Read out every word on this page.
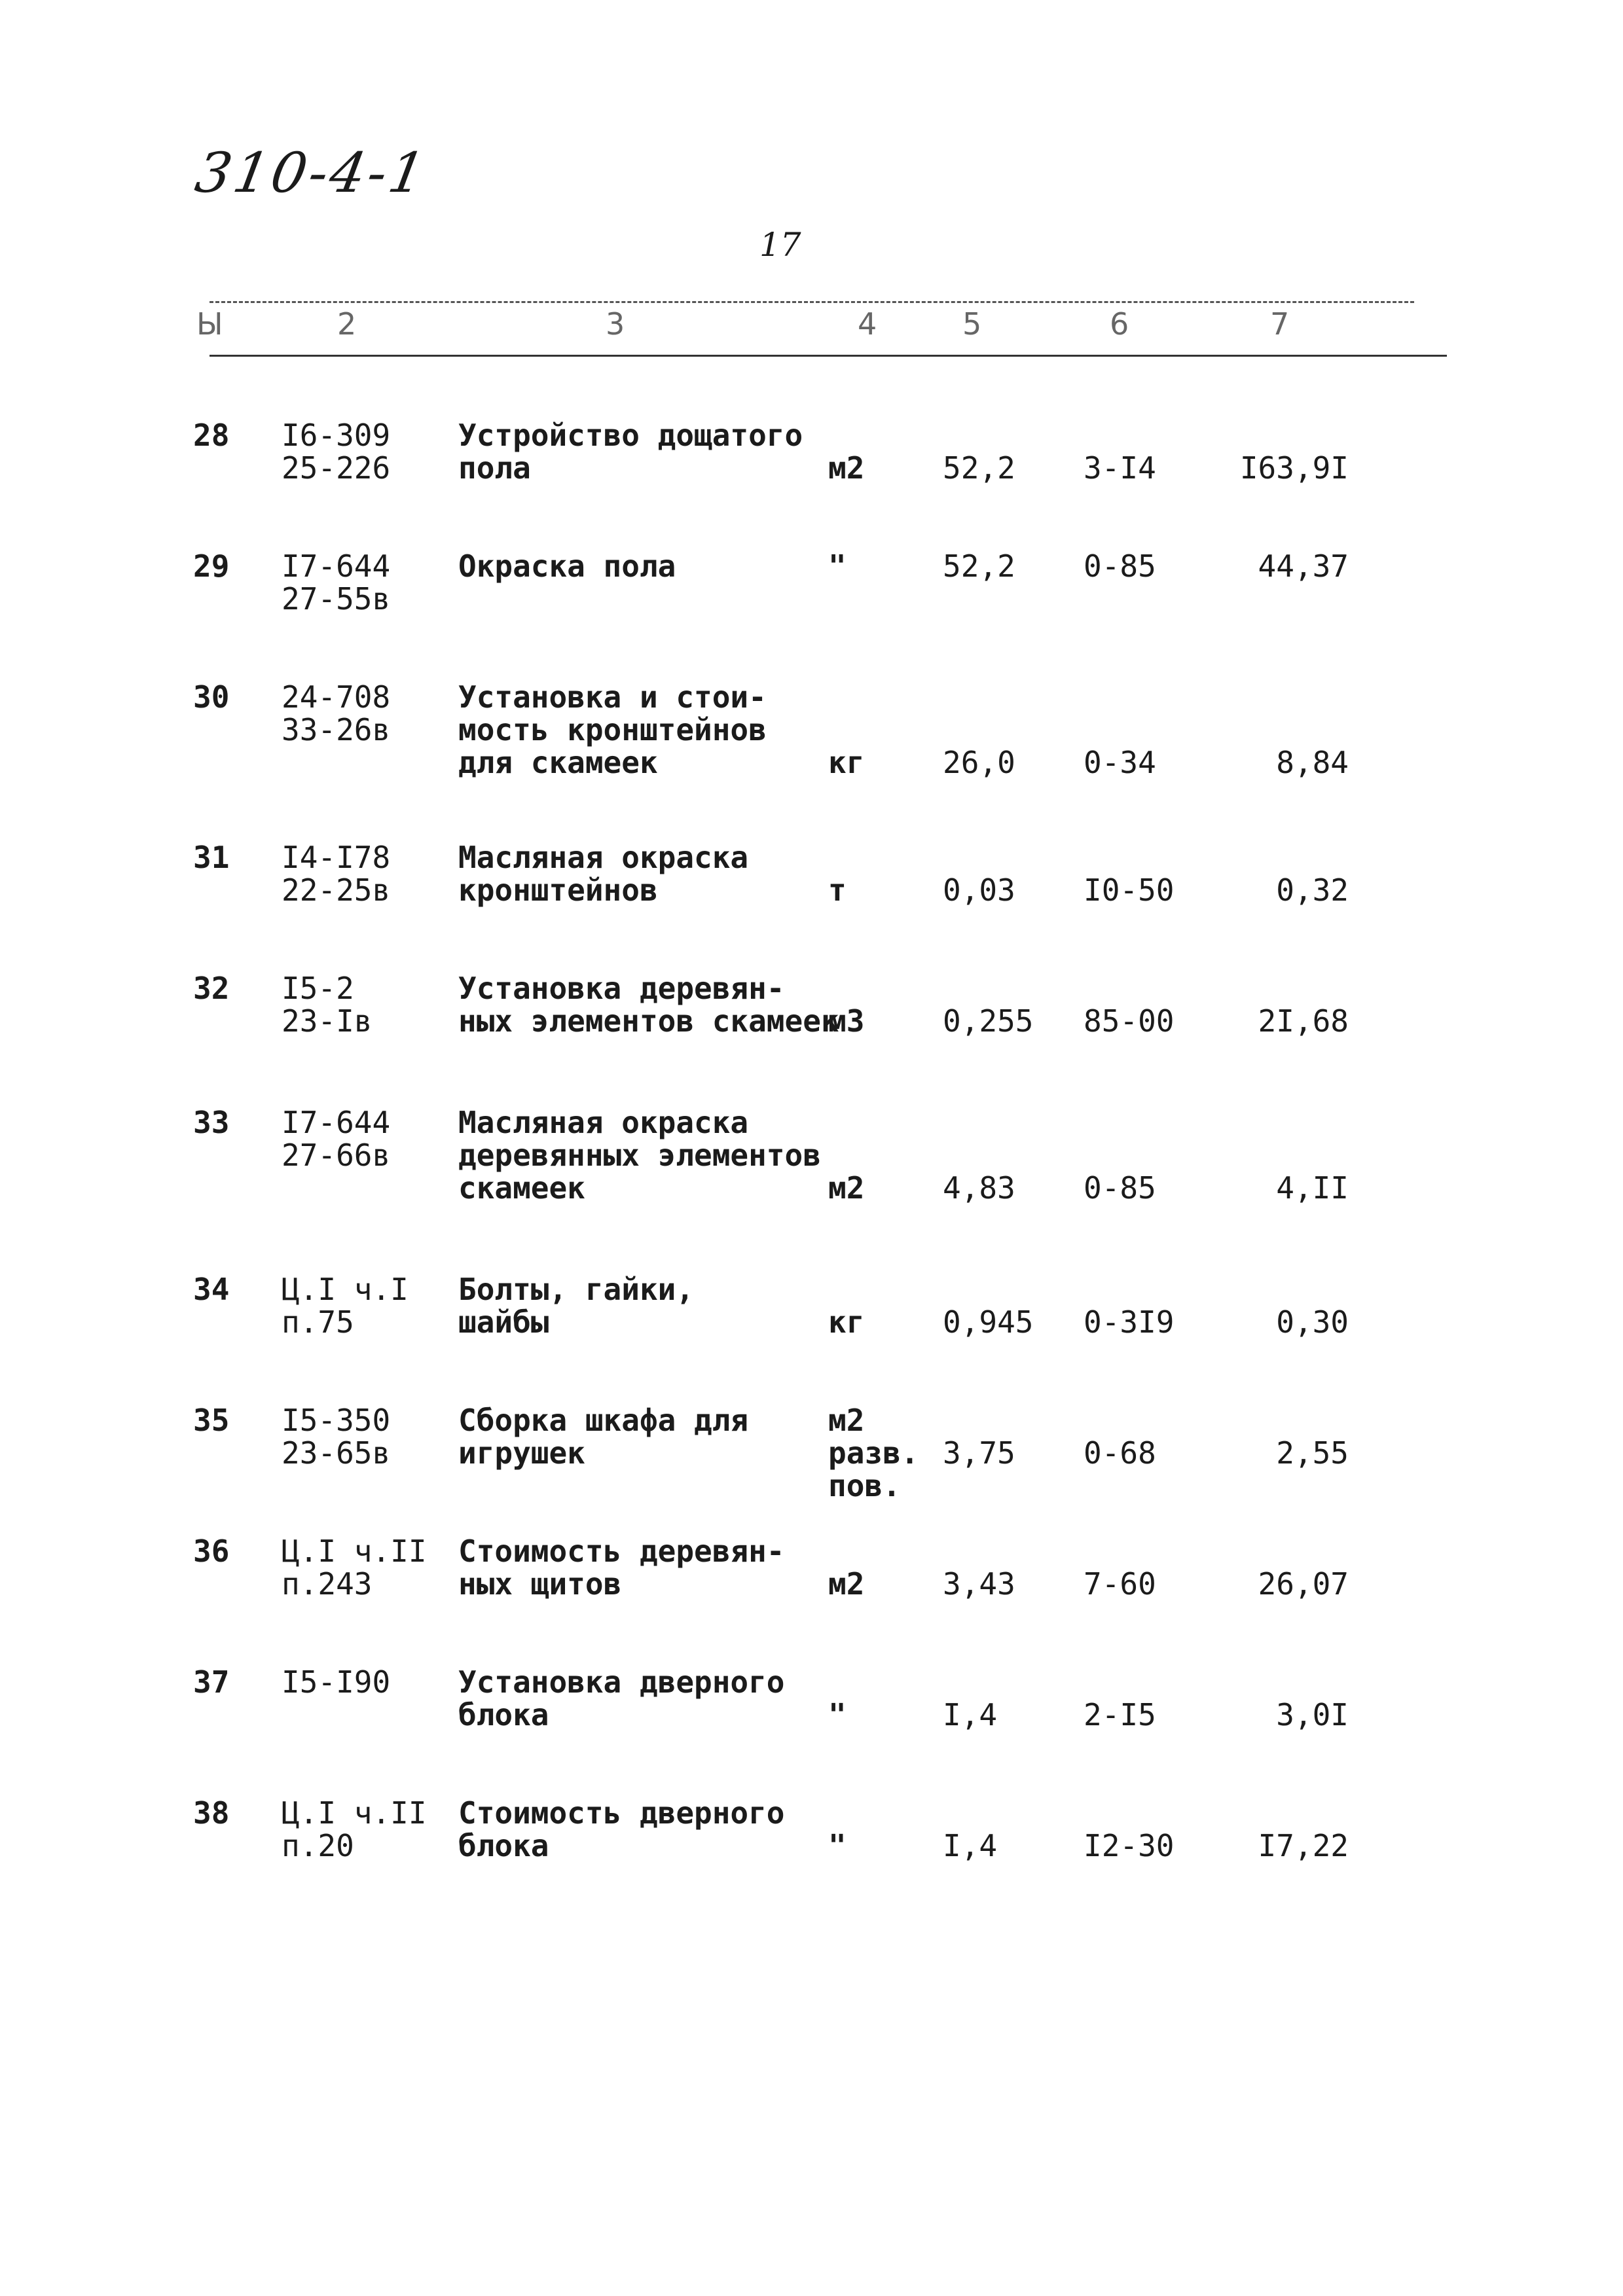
310-4-1
17
Ы	2	3	4	5	6	7
28 I6-309
25-226
Устройство дощатого
пола	м2	52,2	3-I4	I63,9I
29 I7-644
27-55в
Окраска пола	"	52,2	0-85	44,37
30 24-708
33-26в
Установка и стои-
мость кронштейнов
для скамеек	кг	26,0	0-34	8,84
31 I4-I78
22-25в
Масляная окраска
кронштейнов	т	0,03	I0-50	0,32
32 I5-2
23-Iв
Установка деревян-
ных элементов скамеек
м3	0,255	85-00	2I,68
33 I7-644
27-66в
Масляная окраска
деревянных элементов
скамеек	м2	4,83	0-85	4,II
34 Ц.I ч.I
п.75
Болты, гайки,
шайбы	кг	0,945	0-3I9	0,30
35 I5-350
23-65в
Сборка шкафа для
игрушек
м2
разв.
пов.
3,75	0-68	2,55
36 Ц.I ч.II
п.243
Стоимость деревян-
ных щитов	м2	3,43	7-60	26,07
37 I5-I90 Установка дверного
блока	"	I,4	2-I5	3,0I
38 Ц.I ч.II
п.20
Стоимость дверного
блока	"	I,4	I2-30	I7,22
